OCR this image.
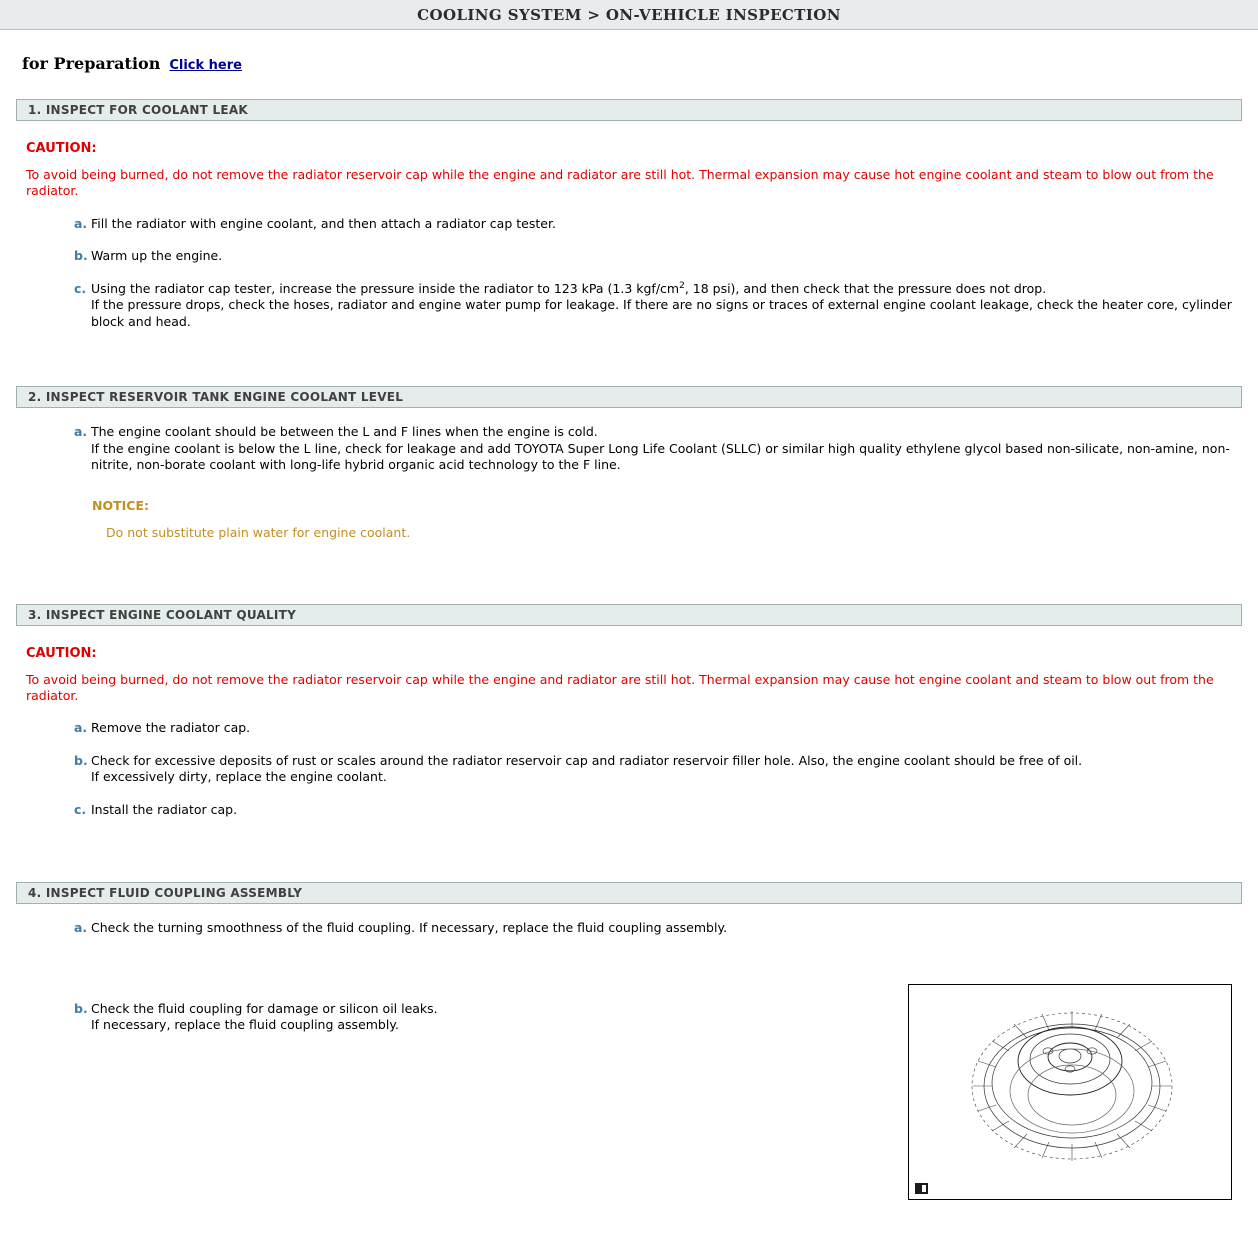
COOLING SYSTEM > ON-VEHICLE INSPECTION
for Preparation Click here
1. INSPECT FOR COOLANT LEAK
CAUTION:
To avoid being burned, do not remove the radiator reservoir cap while the engine and radiator are still hot. Thermal expansion may cause hot engine coolant and steam to blow out from the radiator.
a. Fill the radiator with engine coolant, and then attach a radiator cap tester.
b. Warm up the engine.
c. Using the radiator cap tester, increase the pressure inside the radiator to 123 kPa (1.3 kgf/$cm^2$, 18 psi), and then check that the pressure does not drop.
If the pressure drops, check the hoses, radiator and engine water pump for leakage. If there are no signs or traces of external engine coolant leakage, check the heater core, cylinder block and head.
2. INSPECT RESERVOIR TANK ENGINE COOLANT LEVEL
a. The engine coolant should be between the L and F lines when the engine is cold.
If the engine coolant is below the L line, check for leakage and add TOYOTA Super Long Life Coolant (SLLC) or similar high quality ethylene glycol based non-silicate, non-amine, non-nitrite, non-borate coolant with long-life hybrid organic acid technology to the F line.
NOTICE:
Do not substitute plain water for engine coolant.
3. INSPECT ENGINE COOLANT QUALITY
CAUTION:
To avoid being burned, do not remove the radiator reservoir cap while the engine and radiator are still hot. Thermal expansion may cause hot engine coolant and steam to blow out from the radiator.
a. Remove the radiator cap.
b. Check for excessive deposits of rust or scales around the radiator reservoir cap and radiator reservoir filler hole. Also, the engine coolant should be free of oil.
If excessively dirty, replace the engine coolant.
c. Install the radiator cap.
4. INSPECT FLUID COUPLING ASSEMBLY
a. Check the turning smoothness of the fluid coupling. If necessary, replace the fluid coupling assembly.
b. Check the fluid coupling for damage or silicon oil leaks.
If necessary, replace the fluid coupling assembly.
